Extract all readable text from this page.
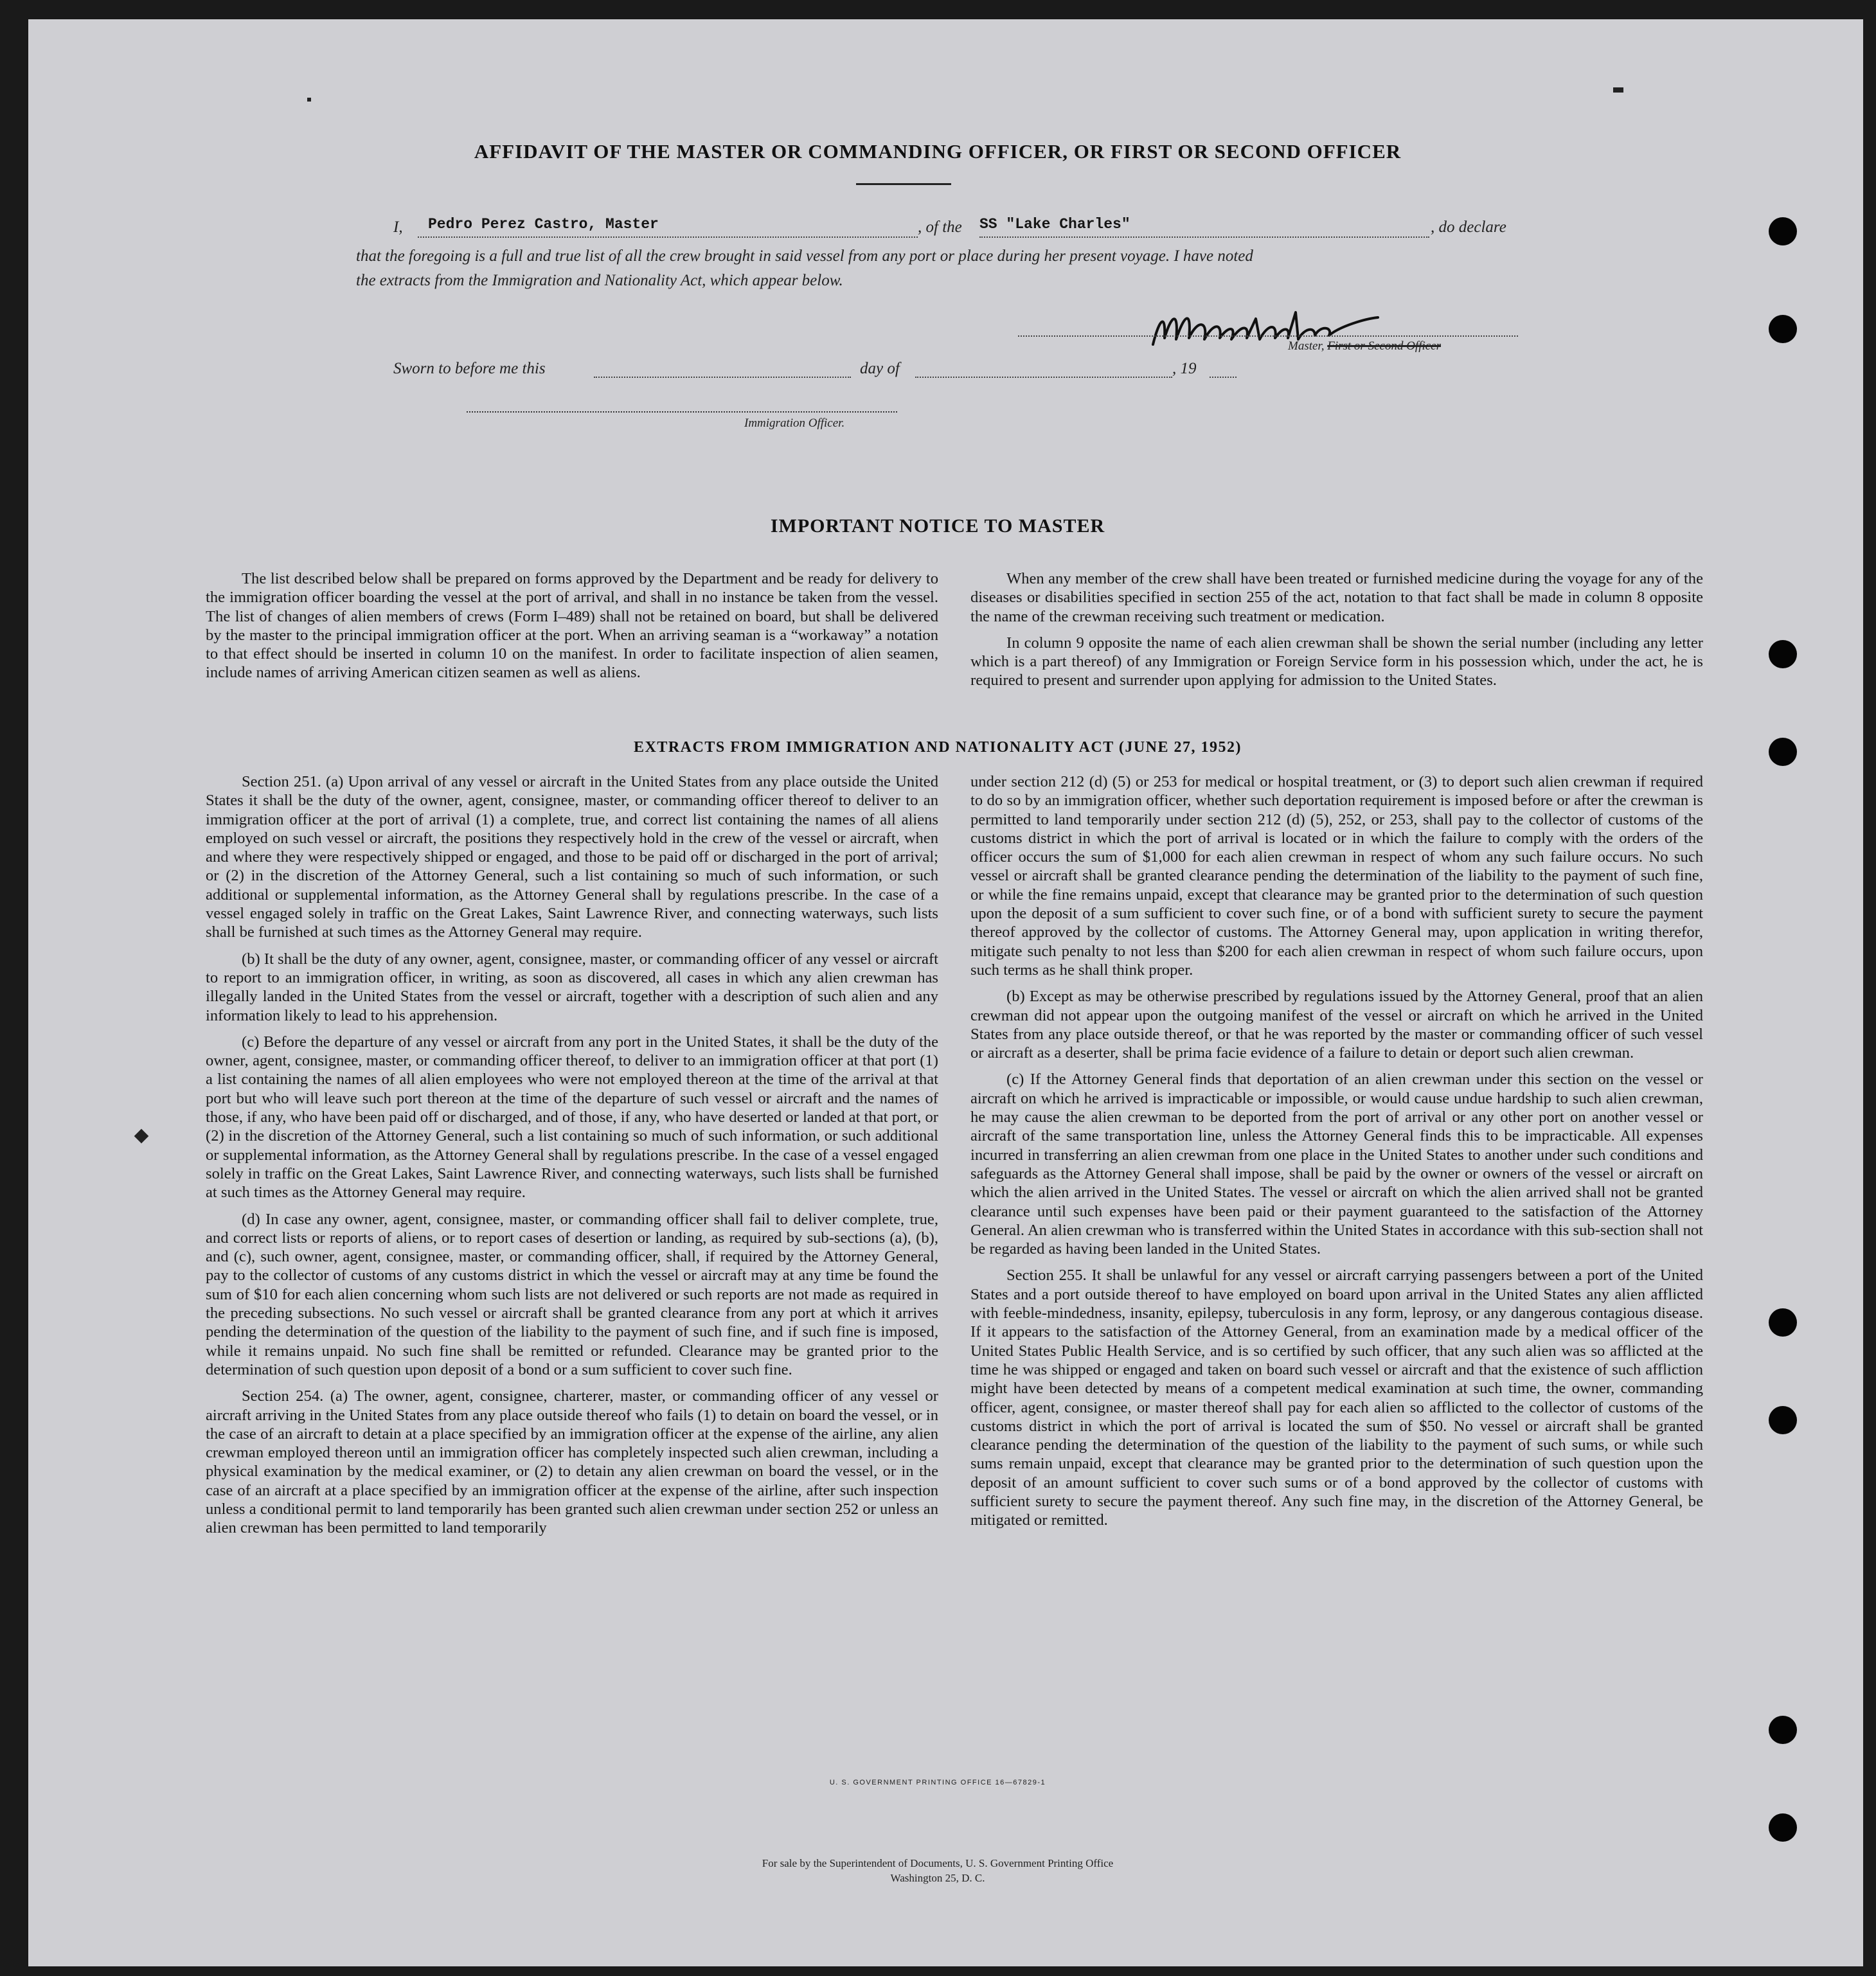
AFFIDAVIT OF THE MASTER OR COMMANDING OFFICER, OR FIRST OR SECOND OFFICER
I, Pedro Perez Castro, Master	, of the SS "Lake Charles"	, do declare
that the foregoing is a full and true list of all the crew brought in said vessel from any port or place during her present voyage. I have noted
the extracts from the Immigration and Nationality Act, which appear below.
Master, First or Second Officer
Sworn to before me this	day of	, 19
Immigration Officer.
IMPORTANT NOTICE TO MASTER

The list described below shall be prepared on forms approved by the Department and be ready for delivery to the immigration officer boarding the vessel at the port of arrival, and shall in no instance be taken from the vessel. The list of changes of alien members of crews (Form I–489) shall not be retained on board, but shall be delivered by the master to the principal immigration officer at the port. When an arriving seaman is a “workaway” a notation to that effect should be inserted in column 10 on the manifest. In order to facilitate inspection of alien seamen, include names of arriving American citizen seamen as well as aliens.

When any member of the crew shall have been treated or furnished medicine during the voyage for any of the diseases or disabilities specified in section 255 of the act, notation to that fact shall be made in column 8 opposite the name of the crewman receiving such treatment or medication.

In column 9 opposite the name of each alien crewman shall be shown the serial number (including any letter which is a part thereof) of any Immigration or Foreign Service form in his possession which, under the act, he is required to present and surrender upon applying for admission to the United States.

EXTRACTS FROM IMMIGRATION AND NATIONALITY ACT (JUNE 27, 1952)

Section 251. (a) Upon arrival of any vessel or aircraft in the United States from any place outside the United States it shall be the duty of the owner, agent, consignee, master, or commanding officer thereof to deliver to an immigration officer at the port of arrival (1) a complete, true, and correct list containing the names of all aliens employed on such vessel or aircraft, the positions they respectively hold in the crew of the vessel or aircraft, when and where they were respectively shipped or engaged, and those to be paid off or discharged in the port of arrival; or (2) in the discretion of the Attorney General, such a list containing so much of such information, or such additional or supplemental information, as the Attorney General shall by regulations prescribe. In the case of a vessel engaged solely in traffic on the Great Lakes, Saint Lawrence River, and connecting waterways, such lists shall be furnished at such times as the Attorney General may require.

(b) It shall be the duty of any owner, agent, consignee, master, or commanding officer of any vessel or aircraft to report to an immigration officer, in writing, as soon as discovered, all cases in which any alien crewman has illegally landed in the United States from the vessel or aircraft, together with a description of such alien and any information likely to lead to his apprehension.

(c) Before the departure of any vessel or aircraft from any port in the United States, it shall be the duty of the owner, agent, consignee, master, or commanding officer thereof, to deliver to an immigration officer at that port (1) a list containing the names of all alien employees who were not employed thereon at the time of the arrival at that port but who will leave such port thereon at the time of the departure of such vessel or aircraft and the names of those, if any, who have been paid off or discharged, and of those, if any, who have deserted or landed at that port, or (2) in the discretion of the Attorney General, such a list containing so much of such information, or such additional or supplemental information, as the Attorney General shall by regulations prescribe. In the case of a vessel engaged solely in traffic on the Great Lakes, Saint Lawrence River, and connecting waterways, such lists shall be furnished at such times as the Attorney General may require.

(d) In case any owner, agent, consignee, master, or commanding officer shall fail to deliver complete, true, and correct lists or reports of aliens, or to report cases of desertion or landing, as required by sub-sections (a), (b), and (c), such owner, agent, consignee, master, or commanding officer, shall, if required by the Attorney General, pay to the collector of customs of any customs district in which the vessel or aircraft may at any time be found the sum of $10 for each alien concerning whom such lists are not delivered or such reports are not made as required in the preceding subsections. No such vessel or aircraft shall be granted clearance from any port at which it arrives pending the determination of the question of the liability to the payment of such fine, and if such fine is imposed, while it remains unpaid. No such fine shall be remitted or refunded. Clearance may be granted prior to the determination of such question upon deposit of a bond or a sum sufficient to cover such fine.

Section 254. (a) The owner, agent, consignee, charterer, master, or commanding officer of any vessel or aircraft arriving in the United States from any place outside thereof who fails (1) to detain on board the vessel, or in the case of an aircraft to detain at a place specified by an immigration officer at the expense of the airline, any alien crewman employed thereon until an immigration officer has completely inspected such alien crewman, including a physical examination by the medical examiner, or (2) to detain any alien crewman on board the vessel, or in the case of an aircraft at a place specified by an immigration officer at the expense of the airline, after such inspection unless a conditional permit to land temporarily has been granted such alien crewman under section 252 or unless an alien crewman has been permitted to land temporarily

under section 212 (d) (5) or 253 for medical or hospital treatment, or (3) to deport such alien crewman if required to do so by an immigration officer, whether such deportation requirement is imposed before or after the crewman is permitted to land temporarily under section 212 (d) (5), 252, or 253, shall pay to the collector of customs of the customs district in which the port of arrival is located or in which the failure to comply with the orders of the officer occurs the sum of $1,000 for each alien crewman in respect of whom any such failure occurs. No such vessel or aircraft shall be granted clearance pending the determination of the liability to the payment of such fine, or while the fine remains unpaid, except that clearance may be granted prior to the determination of such question upon the deposit of a sum sufficient to cover such fine, or of a bond with sufficient surety to secure the payment thereof approved by the collector of customs. The Attorney General may, upon application in writing therefor, mitigate such penalty to not less than $200 for each alien crewman in respect of whom such failure occurs, upon such terms as he shall think proper.

(b) Except as may be otherwise prescribed by regulations issued by the Attorney General, proof that an alien crewman did not appear upon the outgoing manifest of the vessel or aircraft on which he arrived in the United States from any place outside thereof, or that he was reported by the master or commanding officer of such vessel or aircraft as a deserter, shall be prima facie evidence of a failure to detain or deport such alien crewman.

(c) If the Attorney General finds that deportation of an alien crewman under this section on the vessel or aircraft on which he arrived is impracticable or impossible, or would cause undue hardship to such alien crewman, he may cause the alien crewman to be deported from the port of arrival or any other port on another vessel or aircraft of the same transportation line, unless the Attorney General finds this to be impracticable. All expenses incurred in transferring an alien crewman from one place in the United States to another under such conditions and safeguards as the Attorney General shall impose, shall be paid by the owner or owners of the vessel or aircraft on which the alien arrived in the United States. The vessel or aircraft on which the alien arrived shall not be granted clearance until such expenses have been paid or their payment guaranteed to the satisfaction of the Attorney General. An alien crewman who is transferred within the United States in accordance with this sub-section shall not be regarded as having been landed in the United States.

Section 255. It shall be unlawful for any vessel or aircraft carrying passengers between a port of the United States and a port outside thereof to have employed on board upon arrival in the United States any alien afflicted with feeble-mindedness, insanity, epilepsy, tuberculosis in any form, leprosy, or any dangerous contagious disease. If it appears to the satisfaction of the Attorney General, from an examination made by a medical officer of the United States Public Health Service, and is so certified by such officer, that any such alien was so afflicted at the time he was shipped or engaged and taken on board such vessel or aircraft and that the existence of such affliction might have been detected by means of a competent medical examination at such time, the owner, commanding officer, agent, consignee, or master thereof shall pay for each alien so afflicted to the collector of customs of the customs district in which the port of arrival is located the sum of $50. No vessel or aircraft shall be granted clearance pending the determination of the question of the liability to the payment of such sums, or while such sums remain unpaid, except that clearance may be granted prior to the determination of such question upon the deposit of an amount sufficient to cover such sums or of a bond approved by the collector of customs with sufficient surety to secure the payment thereof. Any such fine may, in the discretion of the Attorney General, be mitigated or remitted.

U. S. GOVERNMENT PRINTING OFFICE 16—67829-1
For sale by the Superintendent of Documents, U. S. Government Printing Office
Washington 25, D. C.
